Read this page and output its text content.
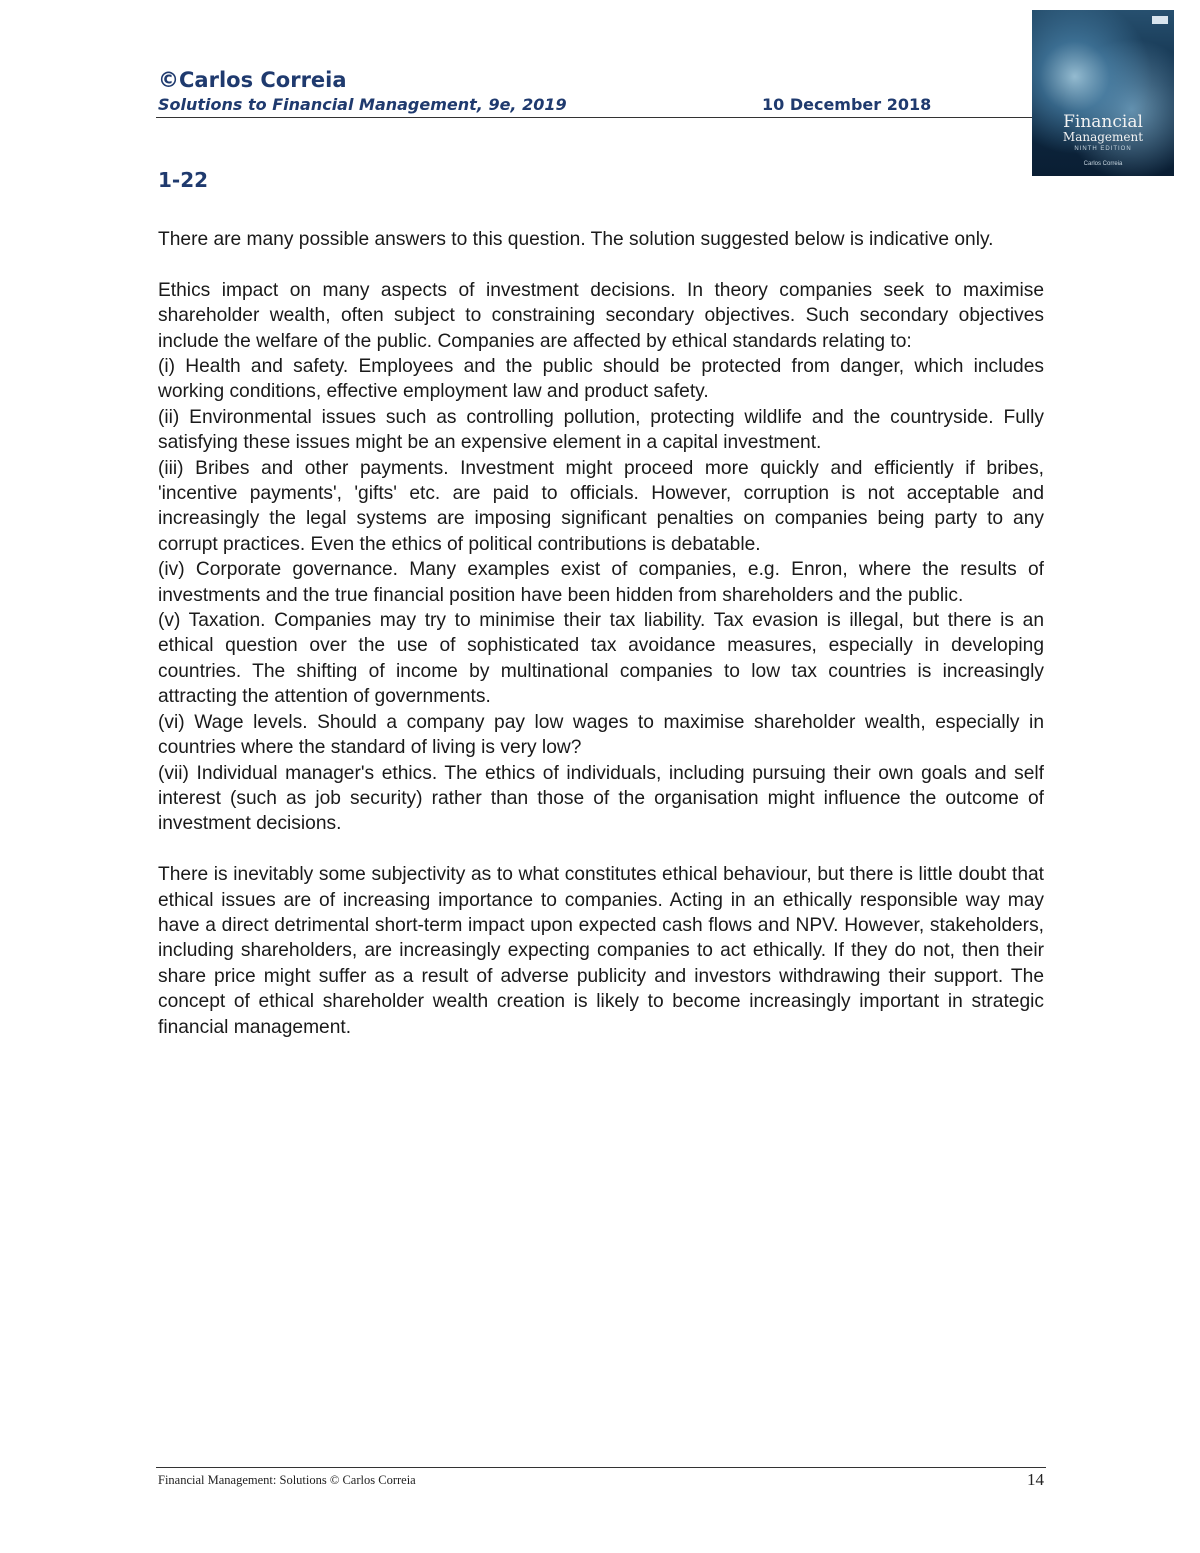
©Carlos Correia
Solutions to Financial Management, 9e, 2019	10 December 2018
Financial
Management
NINTH EDITION
Carlos Correia
1-22

There are many possible answers to this question. The solution suggested below is indicative only.

Ethics impact on many aspects of investment decisions. In theory companies seek to maximise shareholder wealth, often subject to constraining secondary objectives. Such secondary objectives include the welfare of the public. Companies are affected by ethical standards relating to:

(i) Health and safety. Employees and the public should be protected from danger, which includes working conditions, effective employment law and product safety.

(ii) Environmental issues such as controlling pollution, protecting wildlife and the countryside. Fully satisfying these issues might be an expensive element in a capital investment.

(iii) Bribes and other payments. Investment might proceed more quickly and efficiently if bribes, 'incentive payments', 'gifts' etc. are paid to officials. However, corruption is not acceptable and increasingly the legal systems are imposing significant penalties on companies being party to any corrupt practices. Even the ethics of political contributions is debatable.

(iv) Corporate governance. Many examples exist of companies, e.g. Enron, where the results of investments and the true financial position have been hidden from shareholders and the public.

(v) Taxation. Companies may try to minimise their tax liability. Tax evasion is illegal, but there is an ethical question over the use of sophisticated tax avoidance measures, especially in developing countries. The shifting of income by multinational companies to low tax countries is increasingly attracting the attention of governments.

(vi) Wage levels. Should a company pay low wages to maximise shareholder wealth, especially in countries where the standard of living is very low?

(vii) Individual manager's ethics. The ethics of individuals, including pursuing their own goals and self interest (such as job security) rather than those of the organisation might influence the outcome of investment decisions.

There is inevitably some subjectivity as to what constitutes ethical behaviour, but there is little doubt that ethical issues are of increasing importance to companies. Acting in an ethically responsible way may have a direct detrimental short-term impact upon expected cash flows and NPV. However, stakeholders, including shareholders, are increasingly expecting companies to act ethically. If they do not, then their share price might suffer as a result of adverse publicity and investors withdrawing their support. The concept of ethical shareholder wealth creation is likely to become increasingly important in strategic financial management.

Financial Management: Solutions © Carlos Correia	14
